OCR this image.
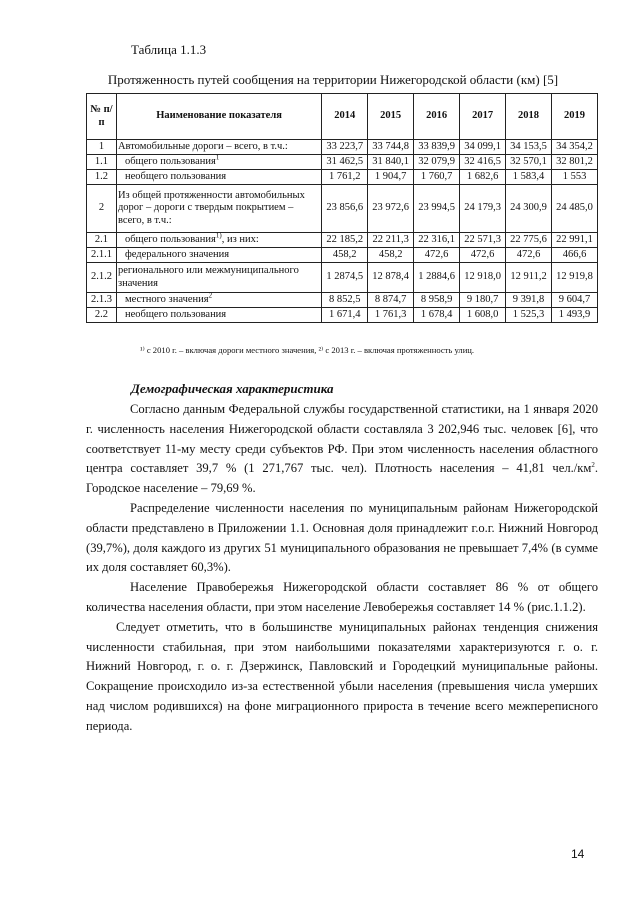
Таблица 1.1.3
Протяженность путей сообщения на территории Нижегородской области (км) [5]
№ п/п	Наименование показателя	2014	2015	2016	2017	2018	2019
1	Автомобильные дороги – всего, в т.ч.:	33 223,7	33 744,8	33 839,9	34 099,1	34 153,5	34 354,2
1.1	общего пользования$^1$	31 462,5	31 840,1	32 079,9	32 416,5	32 570,1	32 801,2
1.2	необщего пользования	1 761,2	1 904,7	1 760,7	1 682,6	1 583,4	1 553
2	Из общей протяженности автомобильных дорог – дороги с твердым покрытием – всего, в т.ч.:	23 856,6	23 972,6	23 994,5	24 179,3	24 300,9	24 485,0
2.1	общего пользования$^{1)}$, из них:	22 185,2	22 211,3	22 316,1	22 571,3	22 775,6	22 991,1
2.1.1	федерального значения	458,2	458,2	472,6	472,6	472,6	466,6
2.1.2	регионального или межмуниципального значения	1 2874,5	12 878,4	1 2884,6	12 918,0	12 911,2	12 919,8
2.1.3	местного значения$^2$	8 852,5	8 874,7	8 958,9	9 180,7	9 391,8	9 604,7
2.2	необщего пользования	1 671,4	1 761,3	1 678,4	1 608,0	1 525,3	1 493,9
¹⁾ с 2010 г. – включая дороги местного значения, ²⁾ с 2013 г. – включая протяженность улиц.
Демографическая характеристика

Согласно данным Федеральной службы государственной статистики, на 1 января 2020 г. численность населения Нижегородской области составляла 3 202,946 тыс. человек [6], что соответствует 11-му месту среди субъектов РФ. При этом численность населения областного центра составляет 39,7 % (1 271,767 тыс. чел). Плотность населения – 41,81 $чел./км^2$. Городское население – 79,69 %.

Распределение численности населения по муниципальным районам Нижегородской области представлено в Приложении 1.1. Основная доля принадлежит г.о.г. Нижний Новгород (39,7%), доля каждого из других 51 муниципального образования не превышает 7,4% (в сумме их доля составляет 60,3%).

Население Правобережья Нижегородской области составляет 86 % от общего количества населения области, при этом население Левобережья составляет 14 % (рис.1.1.2).

Следует отметить, что в большинстве муниципальных районах тенденция снижения численности стабильная, при этом наибольшими показателями характеризуются г. о. г. Нижний Новгород, г. о. г. Дзержинск, Павловский и Городецкий муниципальные районы. Сокращение происходило из-за естественной убыли населения (превышения числа умерших над числом родившихся) на фоне миграционного прироста в течение всего межпереписного периода.

14
